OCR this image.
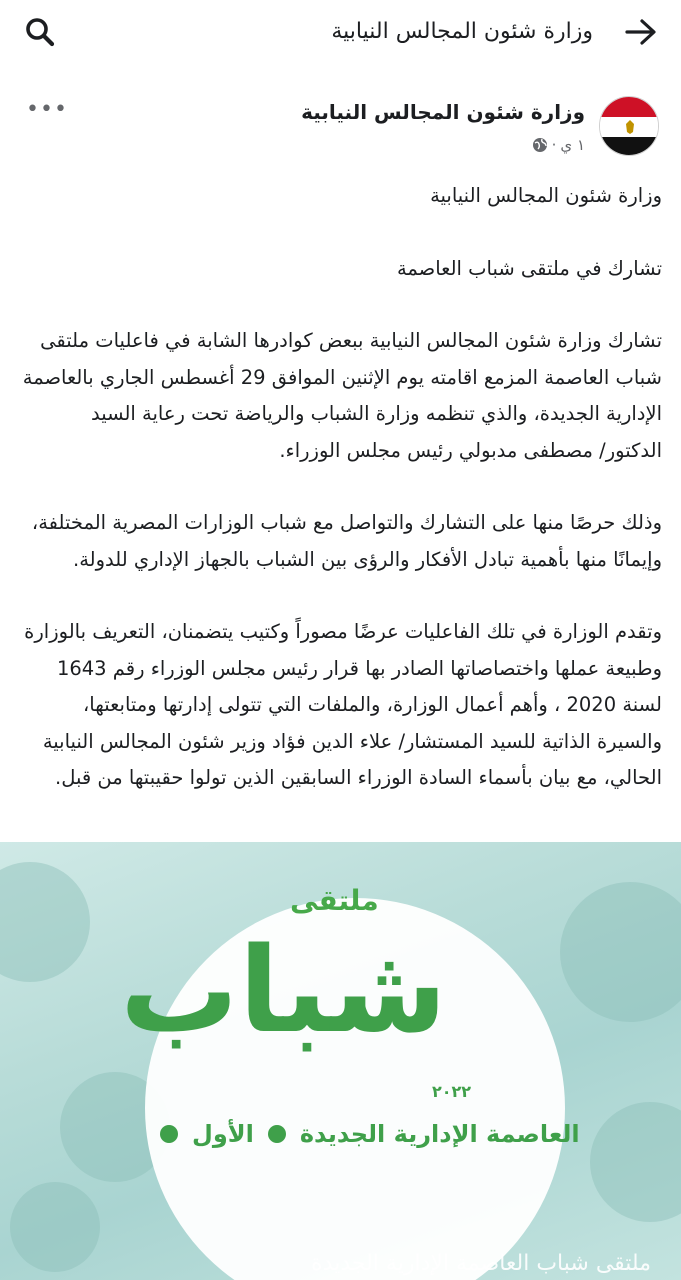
وزارة شئون المجالس النيابية
وزارة شئون المجالس النيابية
١ ي
·
•••

وزارة شئون المجالس النيابية

تشارك في ملتقى شباب العاصمة

تشارك وزارة شئون المجالس النيابية ببعض كوادرها الشابة في فاعليات ملتقى شباب العاصمة المزمع اقامته يوم الإثنين الموافق 29 أغسطس الجاري بالعاصمة الإدارية الجديدة، والذي تنظمه وزارة الشباب والرياضة تحت رعاية السيد الدكتور/ مصطفى مدبولي رئيس مجلس الوزراء.

وذلك حرصًا منها على التشارك والتواصل مع شباب الوزارات المصرية المختلفة، وإيمانًا منها بأهمية تبادل الأفكار والرؤى بين الشباب بالجهاز الإداري للدولة.

وتقدم الوزارة في تلك الفاعليات عرضًا مصوراً وكتيب يتضمنان، التعريف بالوزارة وطبيعة عملها واختصاصاتها الصادر بها قرار رئيس مجلس الوزراء رقم 1643 لسنة 2020 ، وأهم أعمال الوزارة، والملفات التي تتولى إدارتها ومتابعتها، والسيرة الذاتية للسيد المستشار/ علاء الدين فؤاد وزير شئون المجالس النيابية الحالي، مع بيان بأسماء السادة الوزراء السابقين الذين تولوا حقيبتها من قبل.

ملتقى
شباب
٢٠٢٢
العاصمة الإدارية الجديدة
الأول
ملتقى شباب العاصمة الإدارية الجديدة
